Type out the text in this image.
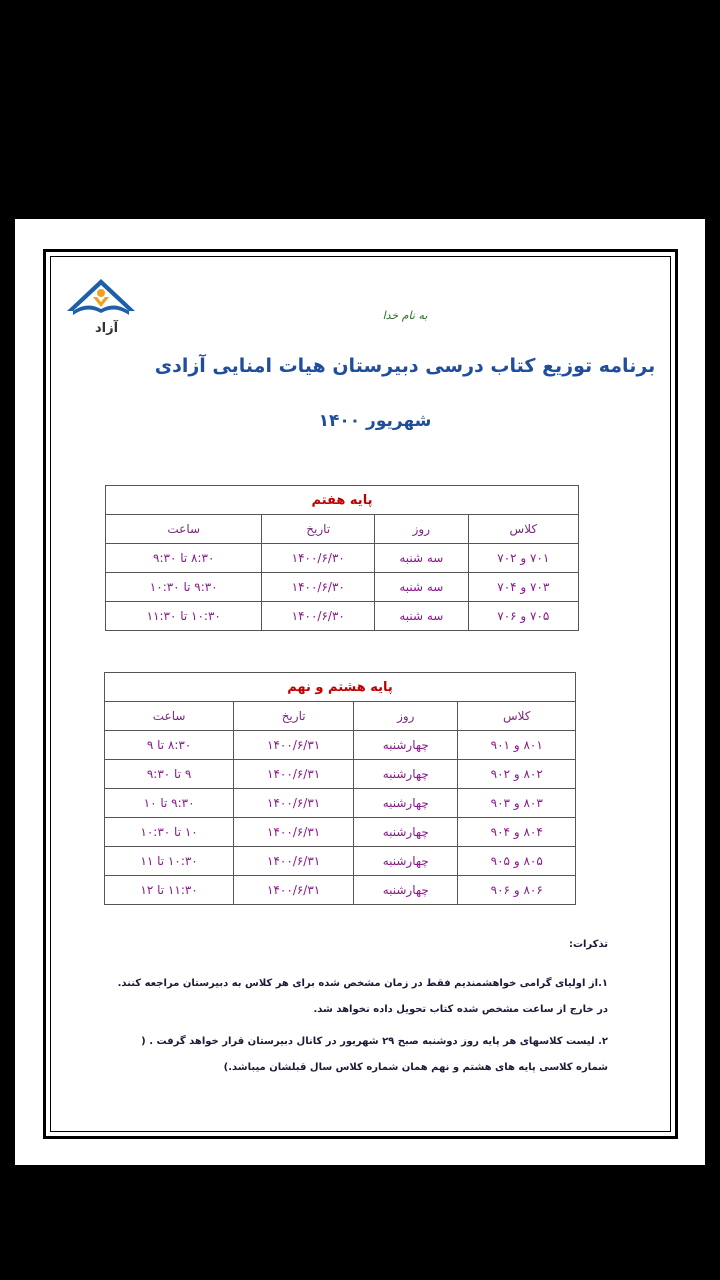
آزاد
به نام خدا
برنامه توزیع کتاب درسی دبیرستان هیات امنایی آزادی
شهریور ۱۴۰۰
پایه هفتم			
کلاس	روز	تاریخ	ساعت
۷۰۱ و ۷۰۲	سه شنبه	۱۴۰۰/۶/۳۰	۸:۳۰ تا ۹:۳۰
۷۰۳ و ۷۰۴	سه شنبه	۱۴۰۰/۶/۳۰	۹:۳۰ تا ۱۰:۳۰
۷۰۵ و ۷۰۶	سه شنبه	۱۴۰۰/۶/۳۰	۱۰:۳۰ تا ۱۱:۳۰
پایه هشتم و نهم			
کلاس	روز	تاریخ	ساعت
۸۰۱ و ۹۰۱	چهارشنبه	۱۴۰۰/۶/۳۱	۸:۳۰ تا ۹
۸۰۲ و ۹۰۲	چهارشنبه	۱۴۰۰/۶/۳۱	۹ تا ۹:۳۰
۸۰۳ و ۹۰۳	چهارشنبه	۱۴۰۰/۶/۳۱	۹:۳۰ تا ۱۰
۸۰۴ و ۹۰۴	چهارشنبه	۱۴۰۰/۶/۳۱	۱۰ تا ۱۰:۳۰
۸۰۵ و ۹۰۵	چهارشنبه	۱۴۰۰/۶/۳۱	۱۰:۳۰ تا ۱۱
۸۰۶ و ۹۰۶	چهارشنبه	۱۴۰۰/۶/۳۱	۱۱:۳۰ تا ۱۲
تذکرات:

۱.از اولیای گرامی خواهشمندیم فقط در زمان مشخص شده برای هر کلاس به دبیرستان مراجعه کنند. در خارج از ساعت مشخص شده کتاب تحویل داده نخواهد شد.

۲. لیست کلاسهای هر پایه روز دوشنبه صبح ۲۹ شهریور در کانال دبیرستان قرار خواهد گرفت . ( شماره کلاسی پایه های هشتم و نهم همان شماره کلاس سال قبلشان میباشد.)
